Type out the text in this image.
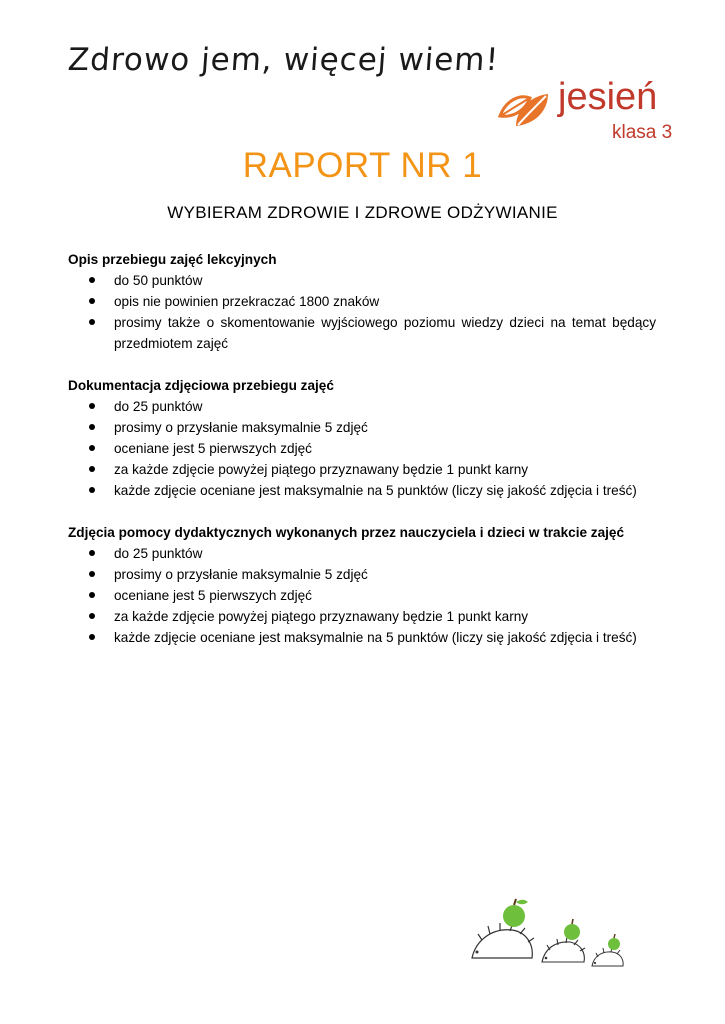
Zdrowo jem, więcej wiem!
jesień
klasa 3
RAPORT NR 1
WYBIERAM ZDROWIE I ZDROWE ODŻYWIANIE
Opis przebiegu zajęć lekcyjnych
do 50 punktów
opis nie powinien przekraczać 1800 znaków
prosimy także o skomentowanie wyjściowego poziomu wiedzy dzieci na temat będący przedmiotem zajęć
Dokumentacja zdjęciowa przebiegu zajęć
do 25 punktów
prosimy o przysłanie maksymalnie 5 zdjęć
oceniane jest 5 pierwszych zdjęć
za każde zdjęcie powyżej piątego przyznawany będzie 1 punkt karny
każde zdjęcie oceniane jest maksymalnie na 5 punktów (liczy się jakość zdjęcia i treść)
Zdjęcia pomocy dydaktycznych wykonanych przez nauczyciela i dzieci w trakcie zajęć
do 25 punktów
prosimy o przysłanie maksymalnie 5 zdjęć
oceniane jest 5 pierwszych zdjęć
za każde zdjęcie powyżej piątego przyznawany będzie 1 punkt karny
każde zdjęcie oceniane jest maksymalnie na 5 punktów (liczy się jakość zdjęcia i treść)
